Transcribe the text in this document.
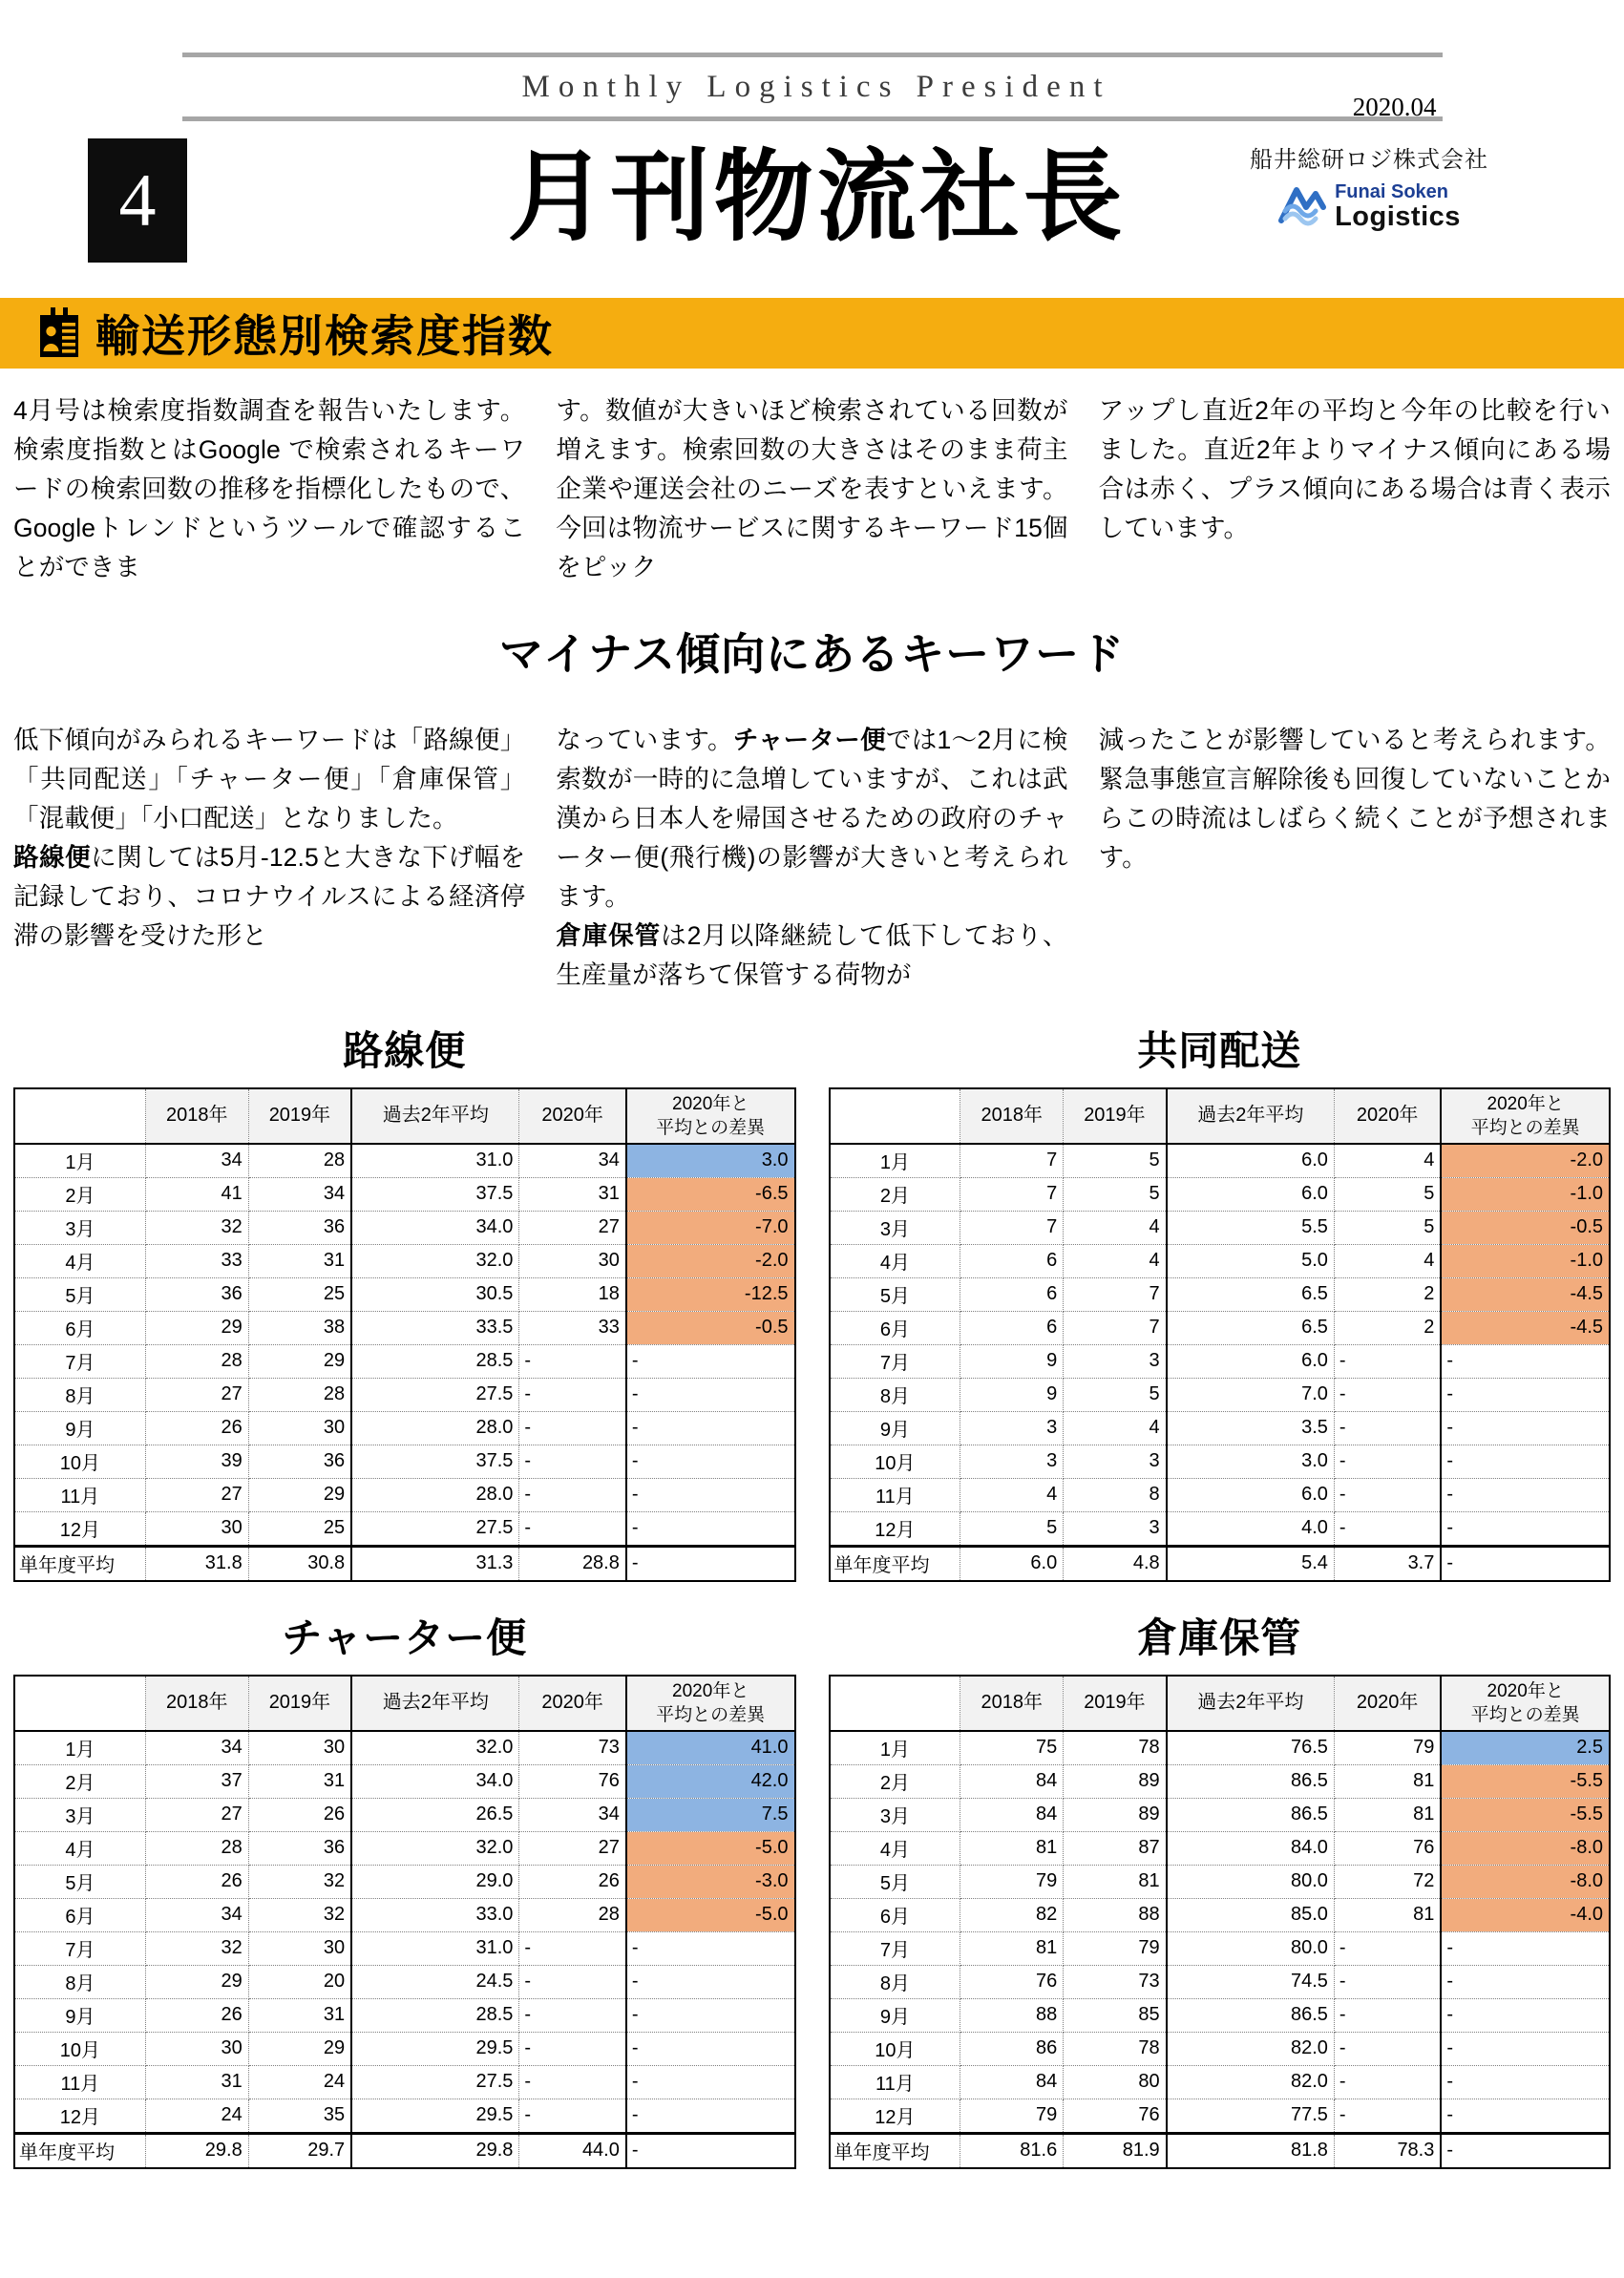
Monthly Logistics President
2020.04
4	月刊物流社長	船井総研ロジ株式会社
Funai Soken
Logistics
輸送形態別検索度指数

4月号は検索度指数調査を報告いたします。検索度指数とはGoogle で検索されるキーワードの検索回数の推移を指標化したもので、Googleトレンドというツールで確認することができま

す。数値が大きいほど検索されている回数が増えます。検索回数の大きさはそのまま荷主企業や運送会社のニーズを表すといえます。今回は物流サービスに関するキーワード15個をピック

アップし直近2年の平均と今年の比較を行いました。直近2年よりマイナス傾向にある場合は赤く、プラス傾向にある場合は青く表示しています。

マイナス傾向にあるキーワード

低下傾向がみられるキーワードは「路線便」「共同配送」「チャーター便」「倉庫保管」「混載便」「小口配送」となりました。

路線便に関しては5月-12.5と大きな下げ幅を記録しており、コロナウイルスによる経済停滞の影響を受けた形と

なっています。チャーター便では1～2月に検索数が一時的に急増していますが、これは武漢から日本人を帰国させるための政府のチャーター便(飛行機)の影響が大きいと考えられます。

倉庫保管は2月以降継続して低下しており、生産量が落ちて保管する荷物が

減ったことが影響していると考えられます。緊急事態宣言解除後も回復していないことからこの時流はしばらく続くことが予想されます。

路線便
	2018年	2019年	過去2年平均	2020年	2020年と
平均との差異
1月	34	28	31.0	34	3.0
2月	41	34	37.5	31	-6.5
3月	32	36	34.0	27	-7.0
4月	33	31	32.0	30	-2.0
5月	36	25	30.5	18	-12.5
6月	29	38	33.5	33	-0.5
7月	28	29	28.5	-	-
8月	27	28	27.5	-	-
9月	26	30	28.0	-	-
10月	39	36	37.5	-	-
11月	27	29	28.0	-	-
12月	30	25	27.5	-	-
単年度平均	31.8	30.8	31.3	28.8	-
共同配送
	2018年	2019年	過去2年平均	2020年	2020年と
平均との差異
1月	7	5	6.0	4	-2.0
2月	7	5	6.0	5	-1.0
3月	7	4	5.5	5	-0.5
4月	6	4	5.0	4	-1.0
5月	6	7	6.5	2	-4.5
6月	6	7	6.5	2	-4.5
7月	9	3	6.0	-	-
8月	9	5	7.0	-	-
9月	3	4	3.5	-	-
10月	3	3	3.0	-	-
11月	4	8	6.0	-	-
12月	5	3	4.0	-	-
単年度平均	6.0	4.8	5.4	3.7	-
チャーター便
	2018年	2019年	過去2年平均	2020年	2020年と
平均との差異
1月	34	30	32.0	73	41.0
2月	37	31	34.0	76	42.0
3月	27	26	26.5	34	7.5
4月	28	36	32.0	27	-5.0
5月	26	32	29.0	26	-3.0
6月	34	32	33.0	28	-5.0
7月	32	30	31.0	-	-
8月	29	20	24.5	-	-
9月	26	31	28.5	-	-
10月	30	29	29.5	-	-
11月	31	24	27.5	-	-
12月	24	35	29.5	-	-
単年度平均	29.8	29.7	29.8	44.0	-
倉庫保管
	2018年	2019年	過去2年平均	2020年	2020年と
平均との差異
1月	75	78	76.5	79	2.5
2月	84	89	86.5	81	-5.5
3月	84	89	86.5	81	-5.5
4月	81	87	84.0	76	-8.0
5月	79	81	80.0	72	-8.0
6月	82	88	85.0	81	-4.0
7月	81	79	80.0	-	-
8月	76	73	74.5	-	-
9月	88	85	86.5	-	-
10月	86	78	82.0	-	-
11月	84	80	82.0	-	-
12月	79	76	77.5	-	-
単年度平均	81.6	81.9	81.8	78.3	-
